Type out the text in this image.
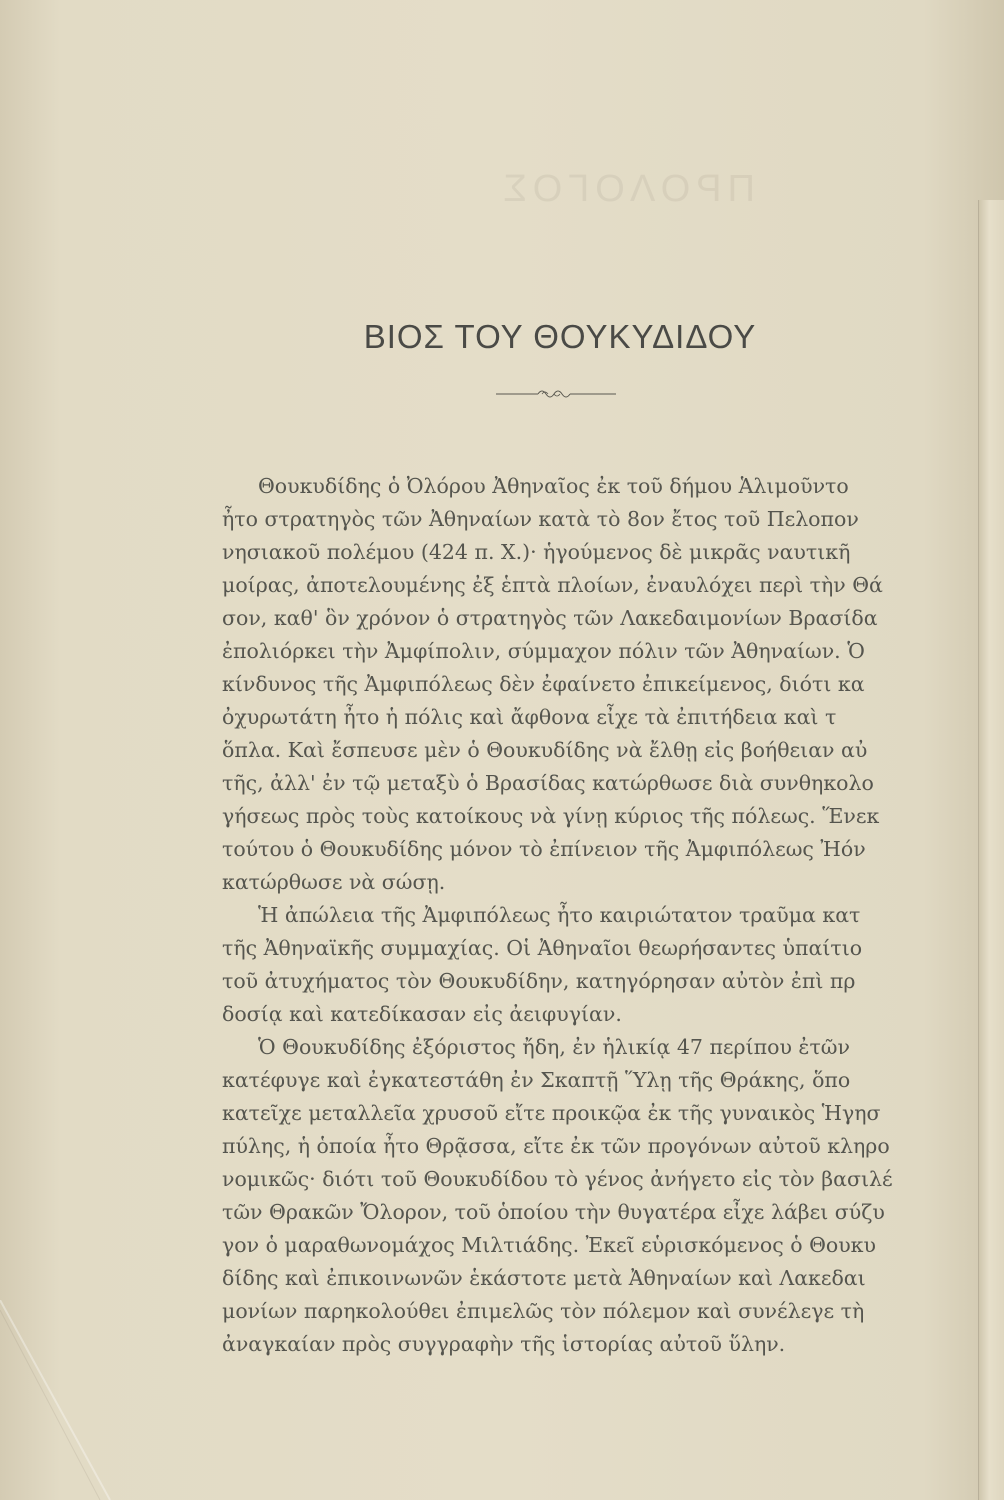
ΠΡΟΛΟΓΟΣ
ΒΙΟΣ ΤΟΥ ΘΟΥΚΥΔΙΔΟΥ
Θουκυδίδης ὁ Ὀλόρου Ἀθηναῖος ἐκ τοῦ δήμου Ἁλιμοῦντο
ἦτο στρατηγὸς τῶν Ἀθηναίων κατὰ τὸ 8ον ἔτος τοῦ Πελοπον
νησιακοῦ πολέμου (424 π. Χ.)· ἡγούμενος δὲ μικρᾶς ναυτικῆ
μοίρας, ἀποτελουμένης ἐξ ἑπτὰ πλοίων, ἐναυλόχει περὶ τὴν Θά
σον, καθ' ὃν χρόνον ὁ στρατηγὸς τῶν Λακεδαιμονίων Βρασίδα
ἐπολιόρκει τὴν Ἀμφίπολιν, σύμμαχον πόλιν τῶν Ἀθηναίων. Ὁ
κίνδυνος τῆς Ἀμφιπόλεως δὲν ἐφαίνετο ἐπικείμενος, διότι κα
ὀχυρωτάτη ἦτο ἡ πόλις καὶ ἄφθονα εἶχε τὰ ἐπιτήδεια καὶ τ
ὅπλα. Καὶ ἔσπευσε μὲν ὁ Θουκυδίδης νὰ ἔλθῃ εἰς βοήθειαν αὐ
τῆς, ἀλλ' ἐν τῷ μεταξὺ ὁ Βρασίδας κατώρθωσε διὰ συνθηκολο
γήσεως πρὸς τοὺς κατοίκους νὰ γίνῃ κύριος τῆς πόλεως. Ἕνεκ
τούτου ὁ Θουκυδίδης μόνον τὸ ἐπίνειον τῆς Ἀμφιπόλεως Ἠόν
κατώρθωσε νὰ σώσῃ.
Ἡ ἀπώλεια τῆς Ἀμφιπόλεως ἦτο καιριώτατον τραῦμα κατ
τῆς Ἀθηναϊκῆς συμμαχίας. Οἱ Ἀθηναῖοι θεωρήσαντες ὑπαίτιο
τοῦ ἀτυχήματος τὸν Θουκυδίδην, κατηγόρησαν αὐτὸν ἐπὶ πρ
δοσίᾳ καὶ κατεδίκασαν εἰς ἀειφυγίαν.
Ὁ Θουκυδίδης ἐξόριστος ἤδη, ἐν ἡλικίᾳ 47 περίπου ἐτῶν
κατέφυγε καὶ ἐγκατεστάθη ἐν Σκαπτῇ Ὕλῃ τῆς Θράκης, ὅπο
κατεῖχε μεταλλεῖα χρυσοῦ εἴτε προικῷα ἐκ τῆς γυναικὸς Ἡγησ
πύλης, ἡ ὁποία ἦτο Θρᾷσσα, εἴτε ἐκ τῶν προγόνων αὐτοῦ κληρο
νομικῶς· διότι τοῦ Θουκυδίδου τὸ γένος ἀνήγετο εἰς τὸν βασιλέ
τῶν Θρακῶν Ὄλορον, τοῦ ὁποίου τὴν θυγατέρα εἶχε λάβει σύζυ
γον ὁ μαραθωνομάχος Μιλτιάδης. Ἐκεῖ εὑρισκόμενος ὁ Θουκυ
δίδης καὶ ἐπικοινωνῶν ἑκάστοτε μετὰ Ἀθηναίων καὶ Λακεδαι
μονίων παρηκολούθει ἐπιμελῶς τὸν πόλεμον καὶ συνέλεγε τὴ
ἀναγκαίαν πρὸς συγγραφὴν τῆς ἱστορίας αὐτοῦ ὕλην.
